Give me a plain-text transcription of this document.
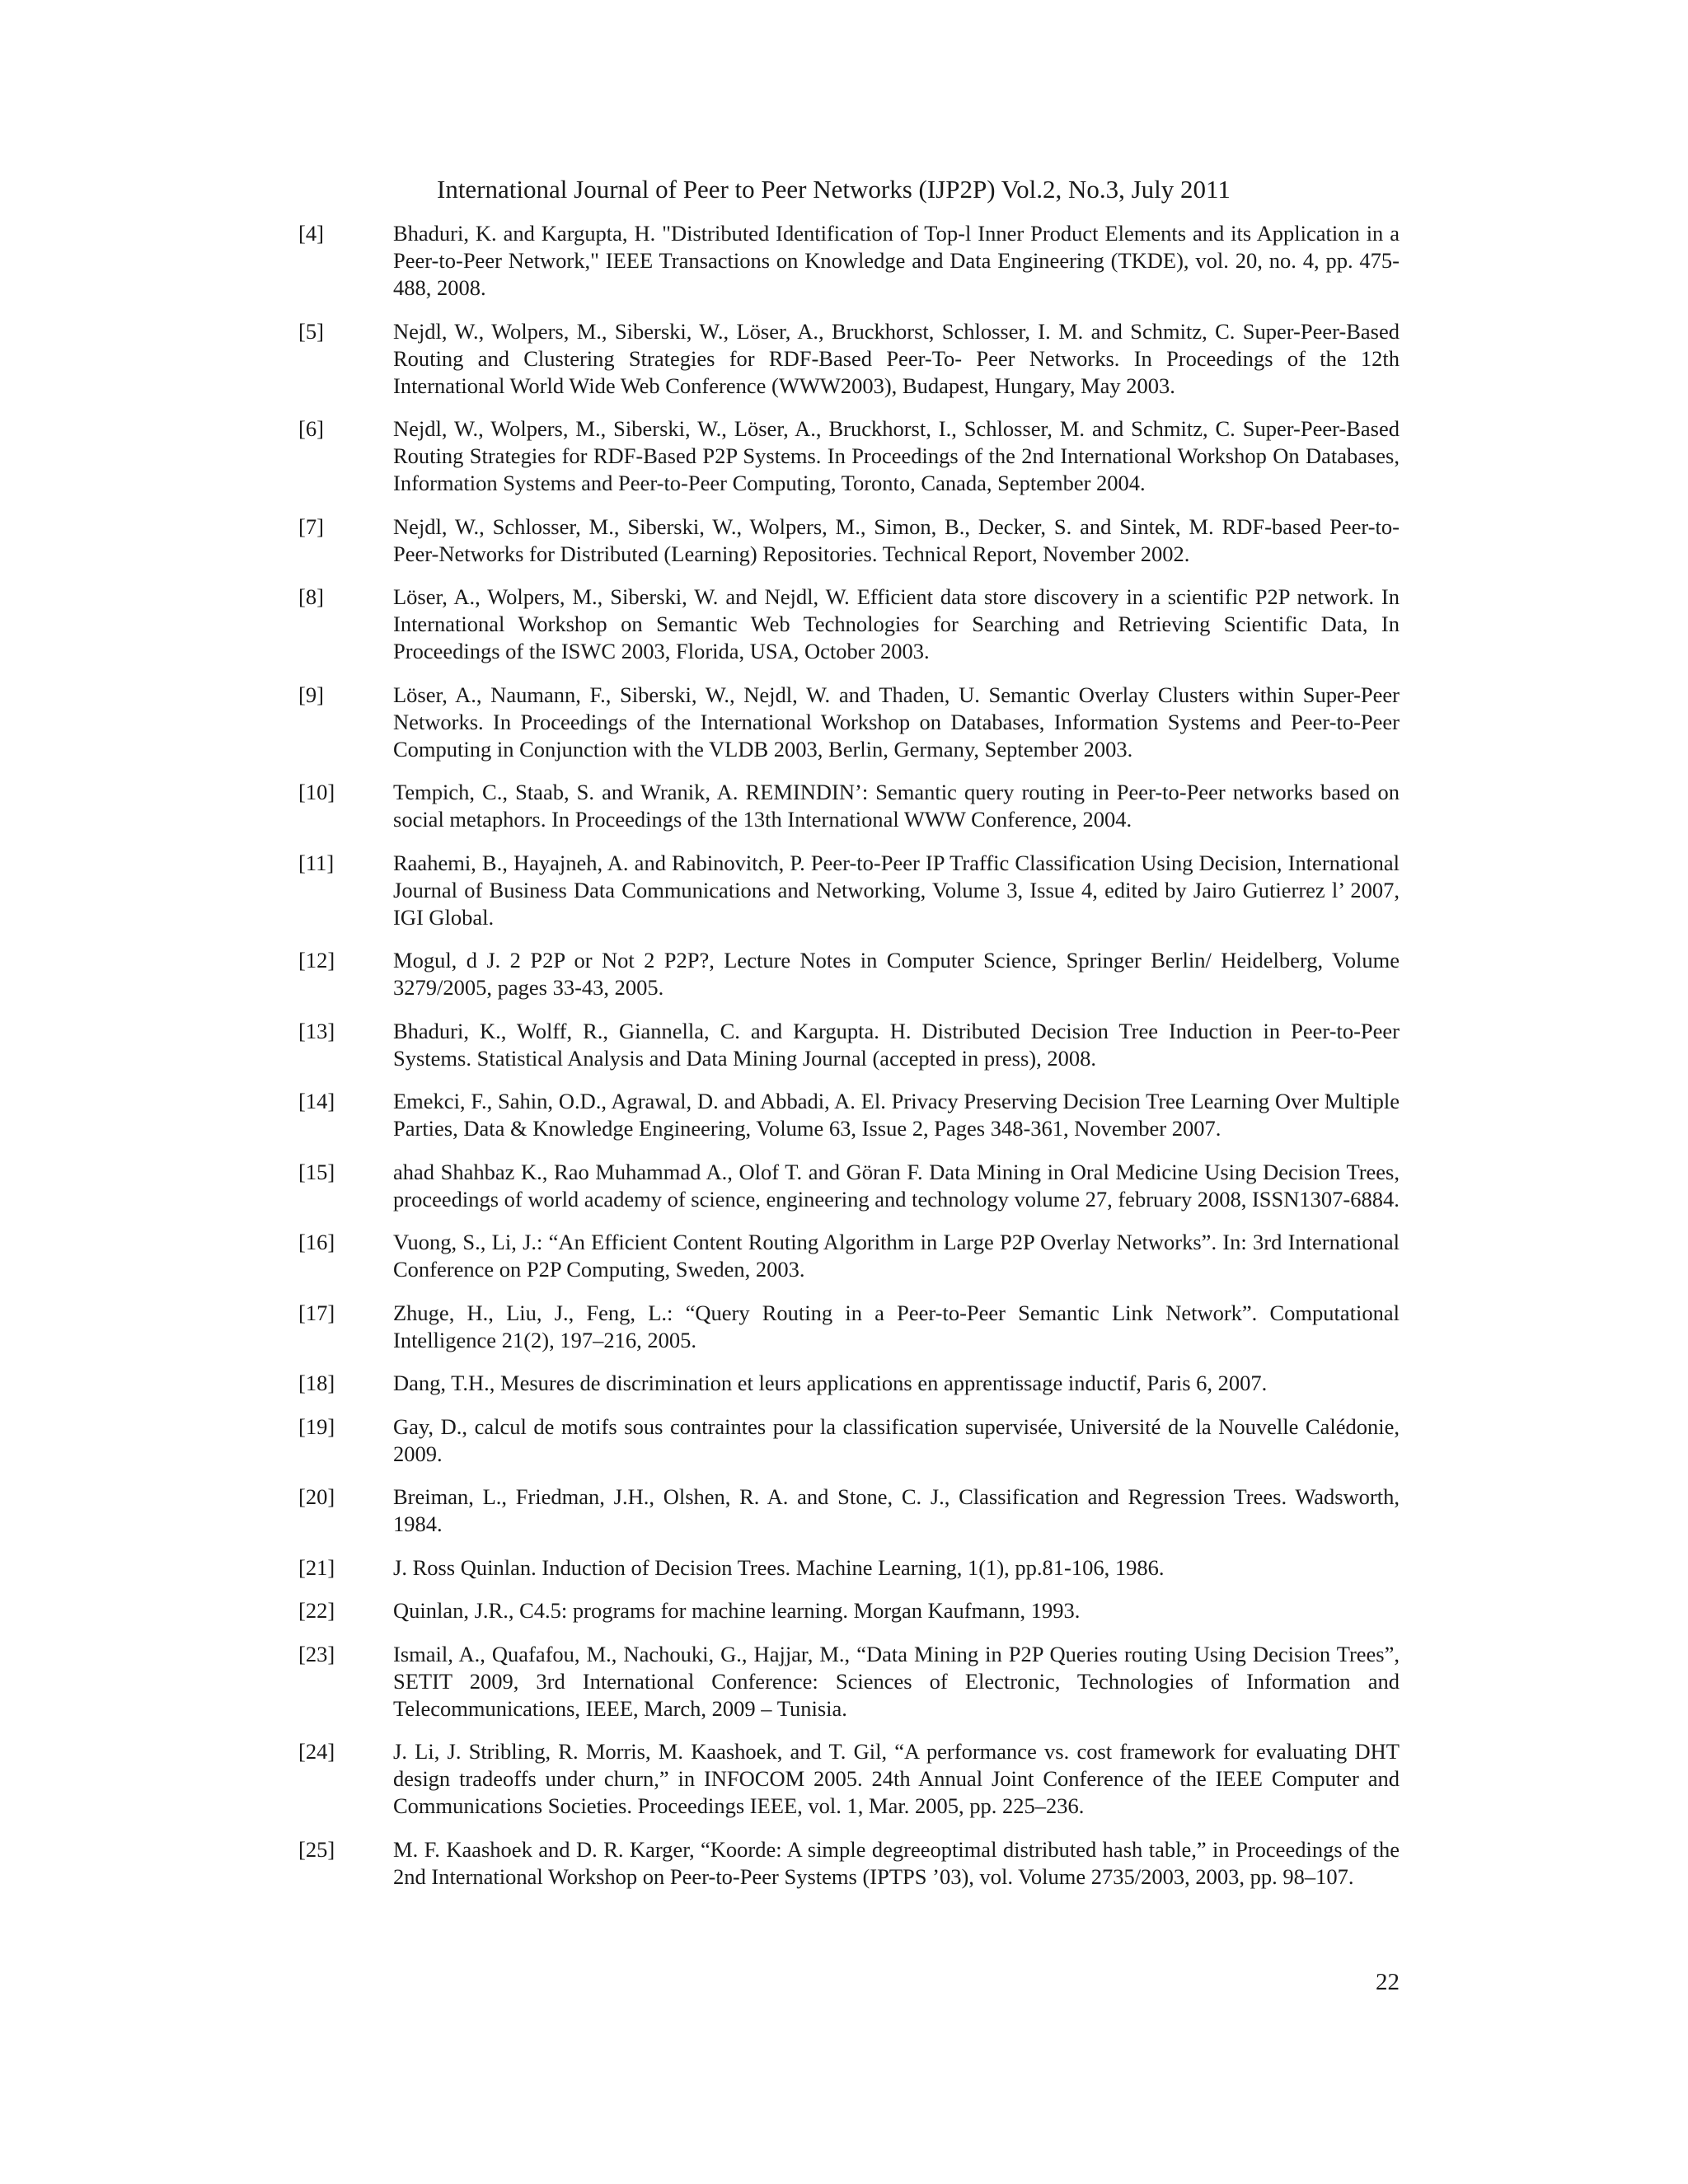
International Journal of Peer to Peer Networks (IJP2P) Vol.2, No.3, July 2011
[4]	Bhaduri, K. and Kargupta, H. "Distributed Identification of Top-l Inner Product Elements and its Application in a Peer-to-Peer Network," IEEE Transactions on Knowledge and Data Engineering (TKDE), vol. 20, no. 4, pp. 475-488, 2008.
[5]	Nejdl, W., Wolpers, M., Siberski, W., Löser, A., Bruckhorst, Schlosser, I. M. and Schmitz, C. Super-Peer-Based Routing and Clustering Strategies for RDF-Based Peer-To- Peer Networks. In Proceedings of the 12th International World Wide Web Conference (WWW2003), Budapest, Hungary, May 2003.
[6]	Nejdl, W., Wolpers, M., Siberski, W., Löser, A., Bruckhorst, I., Schlosser, M. and Schmitz, C. Super-Peer-Based Routing Strategies for RDF-Based P2P Systems. In Proceedings of the 2nd International Workshop On Databases, Information Systems and Peer-to-Peer Computing, Toronto, Canada, September 2004.
[7]	Nejdl, W., Schlosser, M., Siberski, W., Wolpers, M., Simon, B., Decker, S. and Sintek, M. RDF-based Peer-to-Peer-Networks for Distributed (Learning) Repositories. Technical Report, November 2002.
[8]	Löser, A., Wolpers, M., Siberski, W. and Nejdl, W. Efficient data store discovery in a scientific P2P network. In International Workshop on Semantic Web Technologies for Searching and Retrieving Scientific Data, In Proceedings of the ISWC 2003, Florida, USA, October 2003.
[9]	Löser, A., Naumann, F., Siberski, W., Nejdl, W. and Thaden, U. Semantic Overlay Clusters within Super-Peer Networks. In Proceedings of the International Workshop on Databases, Information Systems and Peer-to-Peer Computing in Conjunction with the VLDB 2003, Berlin, Germany, September 2003.
[10]	Tempich, C., Staab, S. and Wranik, A. REMINDIN’: Semantic query routing in Peer-to-Peer networks based on social metaphors. In Proceedings of the 13th International WWW Conference, 2004.
[11]	Raahemi, B., Hayajneh, A. and Rabinovitch, P. Peer-to-Peer IP Traffic Classification Using Decision, International Journal of Business Data Communications and Networking, Volume 3, Issue 4, edited by Jairo Gutierrez l’ 2007, IGI Global.
[12]	Mogul, d J. 2 P2P or Not 2 P2P?, Lecture Notes in Computer Science, Springer Berlin/ Heidelberg, Volume 3279/2005, pages 33-43, 2005.
[13]	Bhaduri, K., Wolff, R., Giannella, C. and Kargupta. H. Distributed Decision Tree Induction in Peer-to-Peer Systems. Statistical Analysis and Data Mining Journal (accepted in press), 2008.
[14]	Emekci, F., Sahin, O.D., Agrawal, D. and Abbadi, A. El. Privacy Preserving Decision Tree Learning Over Multiple Parties, Data & Knowledge Engineering, Volume 63, Issue 2, Pages 348-361, November 2007.
[15]	ahad Shahbaz K., Rao Muhammad A., Olof T. and Göran F. Data Mining in Oral Medicine Using Decision Trees, proceedings of world academy of science, engineering and technology volume 27, february 2008, ISSN1307-6884.
[16]	Vuong, S., Li, J.: “An Efficient Content Routing Algorithm in Large P2P Overlay Networks”. In: 3rd International Conference on P2P Computing, Sweden, 2003.
[17]	Zhuge, H., Liu, J., Feng, L.: “Query Routing in a Peer-to-Peer Semantic Link Network”. Computational Intelligence 21(2), 197–216, 2005.
[18]	Dang, T.H., Mesures de discrimination et leurs applications en apprentissage inductif, Paris 6, 2007.
[19]	Gay, D., calcul de motifs sous contraintes pour la classification supervisée, Université de la Nouvelle Calédonie, 2009.
[20]	Breiman, L., Friedman, J.H., Olshen, R. A. and Stone, C. J., Classification and Regression Trees. Wadsworth, 1984.
[21]	J. Ross Quinlan. Induction of Decision Trees. Machine Learning, 1(1), pp.81-106, 1986.
[22]	Quinlan, J.R., C4.5: programs for machine learning. Morgan Kaufmann, 1993.
[23]	Ismail, A., Quafafou, M., Nachouki, G., Hajjar, M., “Data Mining in P2P Queries routing Using Decision Trees”, SETIT 2009, 3rd International Conference: Sciences of Electronic, Technologies of Information and Telecommunications, IEEE, March, 2009 – Tunisia.
[24]	J. Li, J. Stribling, R. Morris, M. Kaashoek, and T. Gil, “A performance vs. cost framework for evaluating DHT design tradeoffs under churn,” in INFOCOM 2005. 24th Annual Joint Conference of the IEEE Computer and Communications Societies. Proceedings IEEE, vol. 1, Mar. 2005, pp. 225–236.
[25]	M. F. Kaashoek and D. R. Karger, “Koorde: A simple degreeoptimal distributed hash table,” in Proceedings of the 2nd International Workshop on Peer-to-Peer Systems (IPTPS ’03), vol. Volume 2735/2003, 2003, pp. 98–107.
22
